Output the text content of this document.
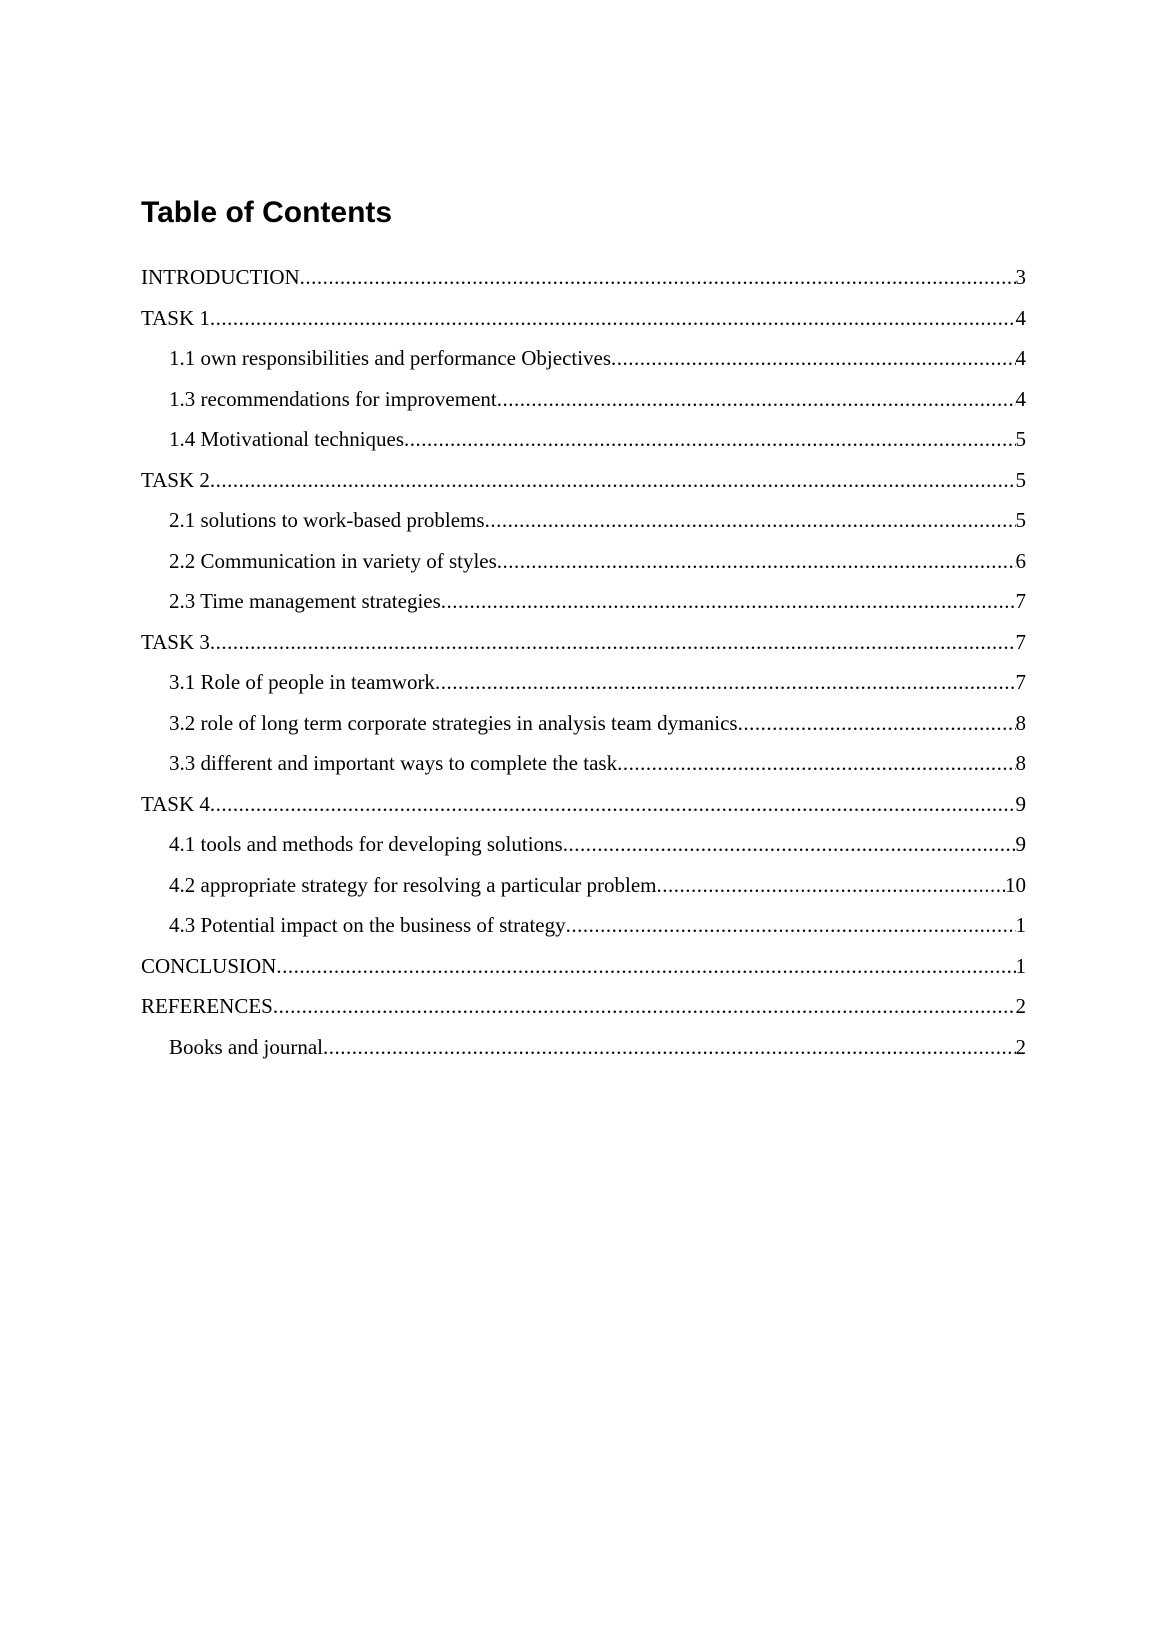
Table of Contents
INTRODUCTION .....	3
TASK 1 .....	4
1.1 own responsibilities and performance Objectives .....	4
1.3 recommendations for improvement .....	4
1.4 Motivational techniques .....	5
TASK 2 .....	5
2.1 solutions to work-based problems .....	5
2.2 Communication in variety of styles .....	6
2.3 Time management strategies .....	7
TASK 3 .....	7
3.1 Role of people in teamwork .....	7
3.2 role of long term corporate strategies in analysis team dymanics .....	8
3.3 different and important ways to complete the task .....	8
TASK 4 .....	9
4.1 tools and methods for developing solutions .....	9
4.2 appropriate strategy for resolving a particular problem .....	10
4.3 Potential impact on the business of strategy .....	1
CONCLUSION .....	1
REFERENCES .....	2
Books and journal .....	2
